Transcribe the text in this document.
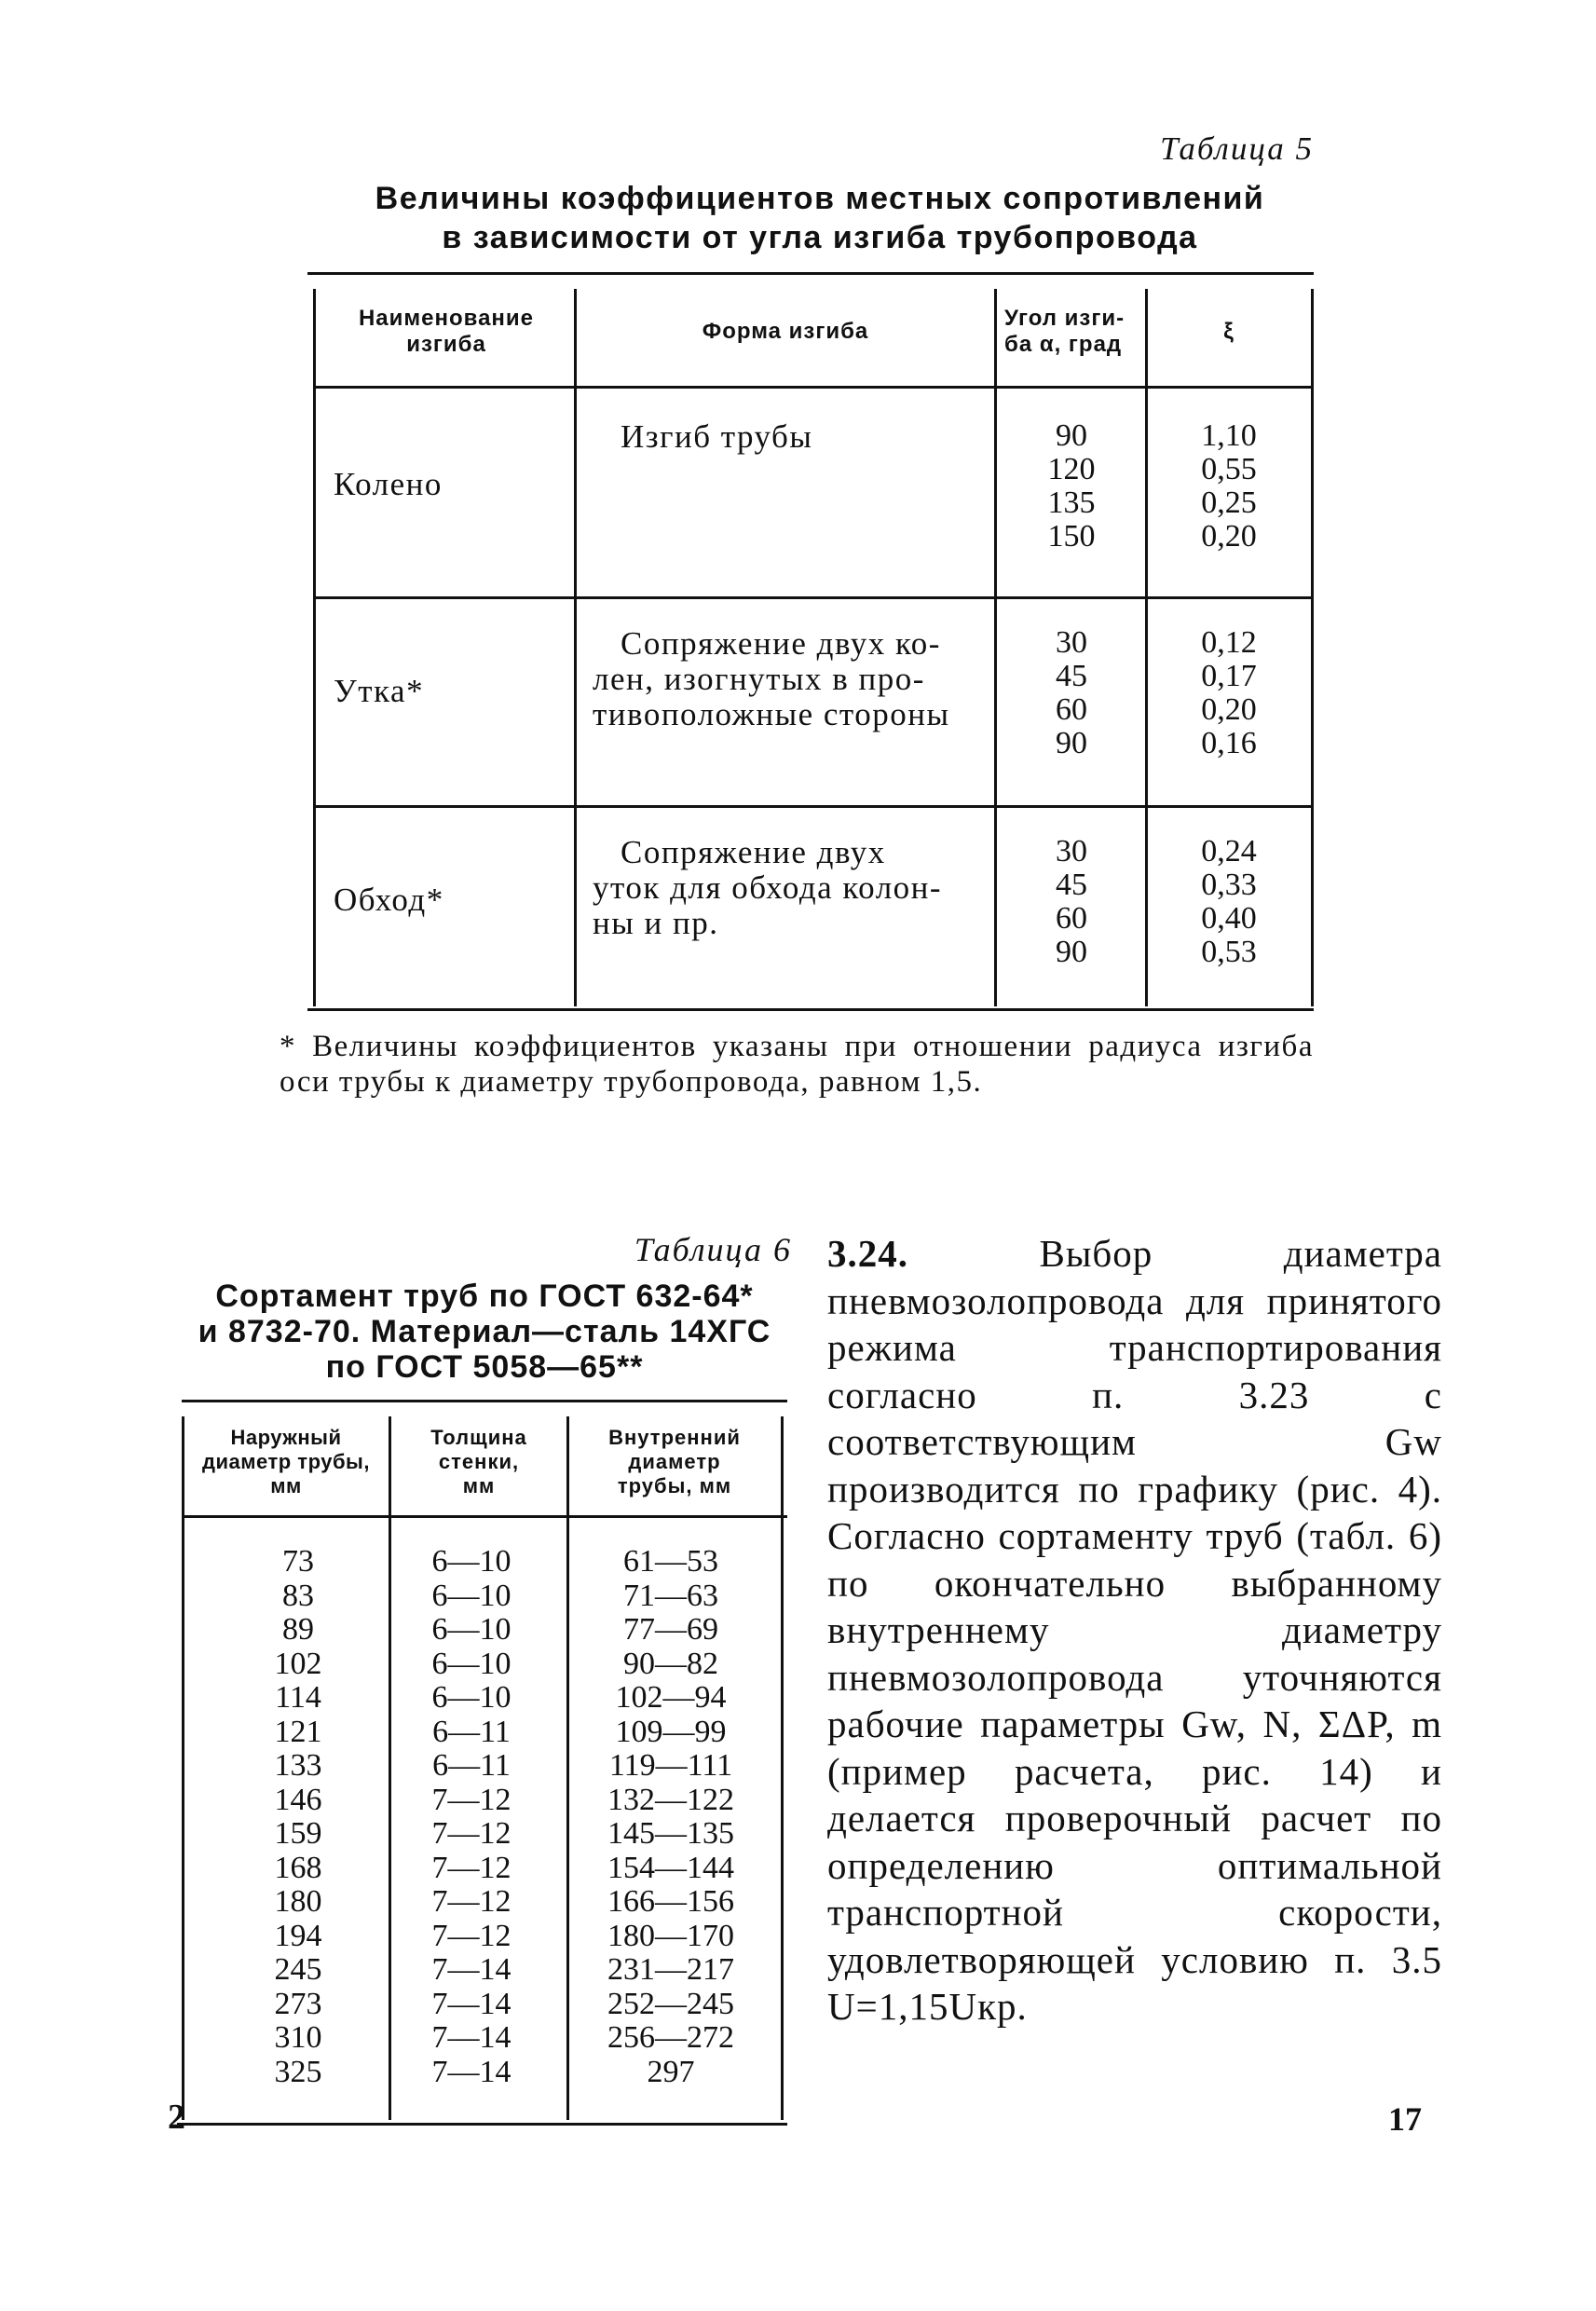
Таблица 5
Величины коэффициентов местных сопротивлений
в зависимости от угла изгиба трубопровода
Наименование
изгиба
Форма изгиба
Угол изги-
ба α, град
ξ
Колено
Изгиб трубы	90
120
135
150
1,10
0,55
0,25
0,20
Утка*
Сопряжение двух ко-
лен, изогнутых в про-
тивоположные стороны
30
45
60
90
0,12
0,17
0,20
0,16
Обход*
Сопряжение двух
уток для обхода колон-
ны и пр.
30
45
60
90
0,24
0,33
0,40
0,53
* Величины коэффициентов указаны при отношении радиуса изгиба оси трубы к диаметру трубопровода, равном 1,5.
Таблица 6
Сортамент труб по ГОСТ 632-64*
и 8732-70. Материал—сталь 14ХГС
по ГОСТ 5058—65**
Наружный
диаметр трубы,
мм
Толщина
стенки,
мм
Внутренний
диаметр
трубы, мм
73
83
89
102
114
121
133
146
159
168
180
194
245
273
310
325
6—10
6—10
6—10
6—10
6—10
6—11
6—11
7—12
7—12
7—12
7—12
7—12
7—14
7—14
7—14
7—14
61—53
71—63
77—69
90—82
102—94
109—99
119—111
132—122
145—135
154—144
166—156
180—170
231—217
252—245
256—272
297
3.24. Выбор диаметра пневмозолопровода для принятого режима транспортирования согласно п. 3.23 с соответствующим Gw производится по графику (рис. 4). Согласно сортаменту труб (табл. 6) по окончательно выбранному внутреннему диаметру пневмозолопровода уточняются рабочие параметры Gw, N, ΣΔP, m (пример расчета, рис. 14) и делается проверочный расчет по определению оптимальной транспортной скорости, удовлетворяющей условию п. 3.5 U=1,15Uкр.
2	17
